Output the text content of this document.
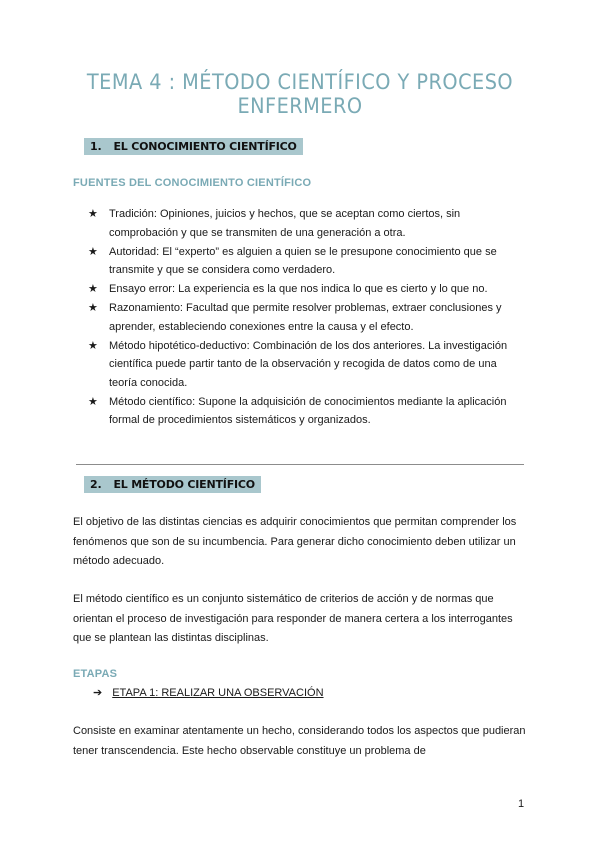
TEMA 4 : MÉTODO CIENTÍFICO Y PROCESO ENFERMERO
1. EL CONOCIMIENTO CIENTÍFICO
FUENTES DEL CONOCIMIENTO CIENTÍFICO
★ Tradición: Opiniones, juicios y hechos, que se aceptan como ciertos, sin comprobación y que se transmiten de una generación a otra.
★ Autoridad: El “experto” es alguien a quien se le presupone conocimiento que se transmite y que se considera como verdadero.
★ Ensayo error: La experiencia es la que nos indica lo que es cierto y lo que no.
★ Razonamiento: Facultad que permite resolver problemas, extraer conclusiones y aprender, estableciendo conexiones entre la causa y el efecto.
★ Método hipotético-deductivo: Combinación de los dos anteriores. La investigación científica puede partir tanto de la observación y recogida de datos como de una teoría conocida.
★ Método científico: Supone la adquisición de conocimientos mediante la aplicación formal de procedimientos sistemáticos y organizados.
2. EL MÉTODO CIENTÍFICO

El objetivo de las distintas ciencias es adquirir conocimientos que permitan comprender los fenómenos que son de su incumbencia. Para generar dicho conocimiento deben utilizar un método adecuado.

El método científico es un conjunto sistemático de criterios de acción y de normas que orientan el proceso de investigación para responder de manera certera a los interrogantes que se plantean las distintas disciplinas.

ETAPAS
➔ ETAPA 1: REALIZAR UNA OBSERVACIÓN

Consiste en examinar atentamente un hecho, considerando todos los aspectos que pudieran tener transcendencia. Este hecho observable constituye un problema de

1
